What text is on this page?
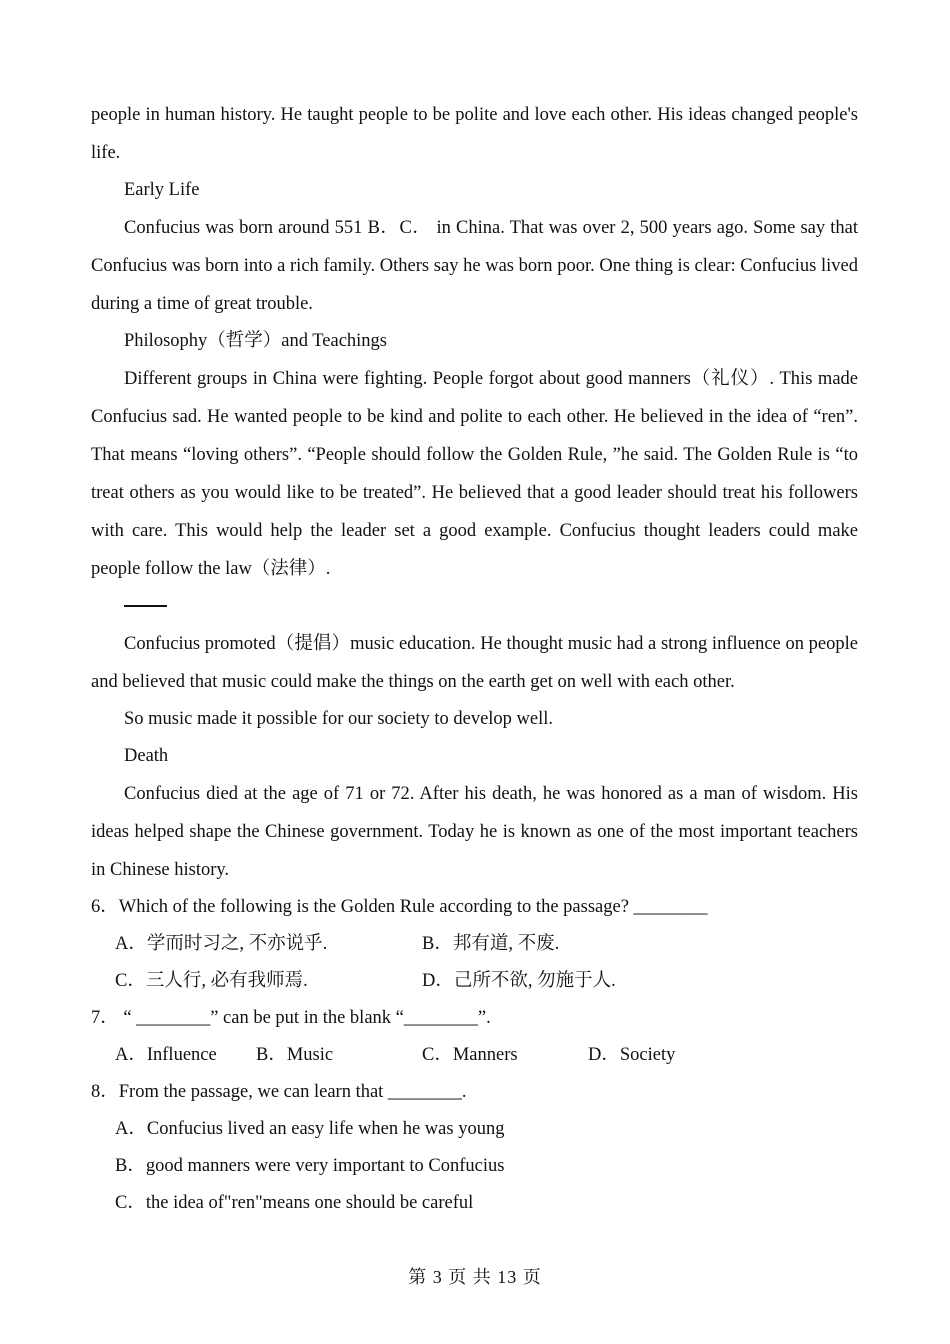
people in human history. He taught people to be polite and love each other. His ideas changed people's life.

Early Life

Confucius was born around 551 B．C． in China. That was over 2, 500 years ago. Some say that Confucius was born into a rich family. Others say he was born poor. One thing is clear: Confucius lived during a time of great trouble.

Philosophy（哲学）and Teachings

Different groups in China were fighting. People forgot about good manners（礼仪）. This made Confucius sad. He wanted people to be kind and polite to each other. He believed in the idea of “ren”. That means “loving others”. “People should follow the Golden Rule, ”he said. The Golden Rule is “to treat others as you would like to be treated”. He believed that a good leader should treat his followers with care. This would help the leader set a good example. Confucius thought leaders could make people follow the law（法律）.

Confucius promoted（提倡）music education. He thought music had a strong influence on people and believed that music could make the things on the earth get on well with each other.

So music made it possible for our society to develop well.

Death

Confucius died at the age of 71 or 72. After his death, he was honored as a man of wisdom. His ideas helped shape the Chinese government. Today he is known as one of the most important teachers in Chinese history.

6．Which of the following is the Golden Rule according to the passage? ________

A．学而时习之, 不亦说乎.	B．邦有道, 不废.
C．三人行, 必有我师焉.	D．己所不欲, 勿施于人.

7． “ ________” can be put in the blank “________”.

A．Influence	B．Music	C．Manners	D．Society

8．From the passage, we can learn that ________.

A．Confucius lived an easy life when he was young

B．good manners were very important to Confucius

C．the idea of"ren"means one should be careful

第 3 页 共 13 页
